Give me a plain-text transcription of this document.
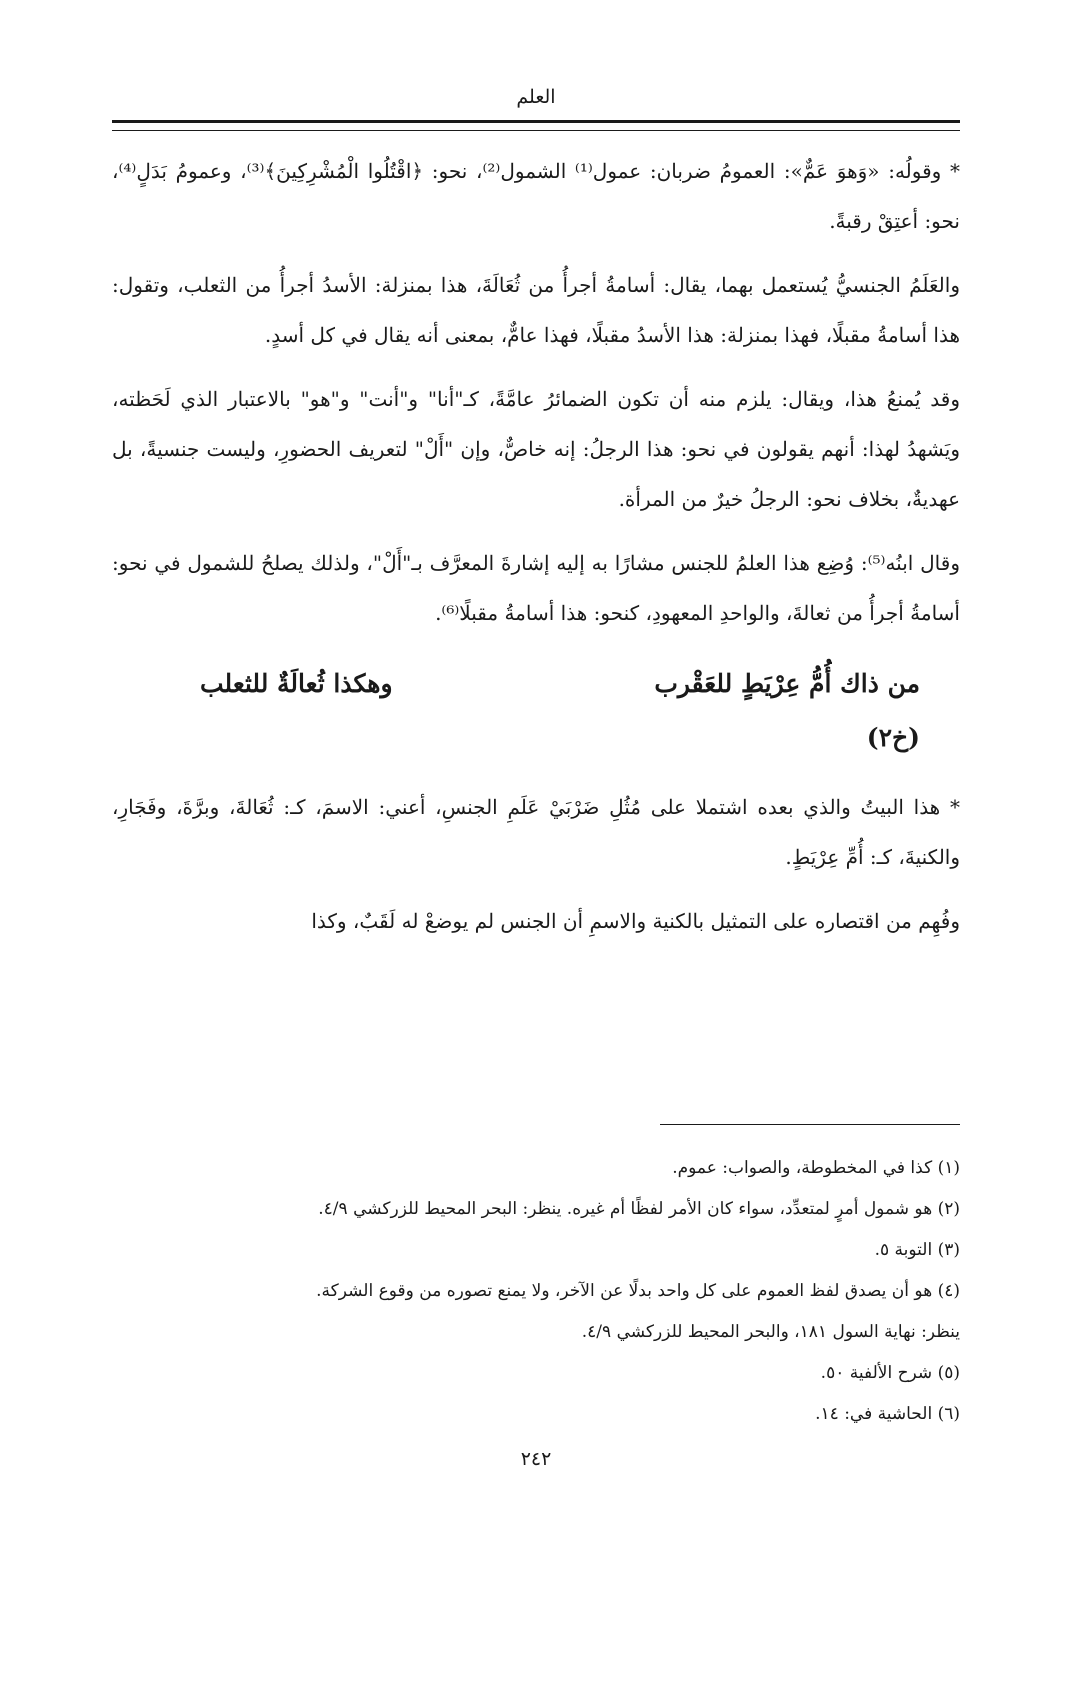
العلم

* وقولُه: «وَهوَ عَمٌّ»: العمومُ ضربان: عمول⁽¹⁾ الشمول⁽²⁾، نحو: ﴿اقْتُلُوا الْمُشْرِكِينَ﴾⁽³⁾، وعمومُ بَدَلٍ⁽⁴⁾، نحو: أعتِقْ رقبةً.

والعَلَمُ الجنسيُّ يُستعمل بهما، يقال: أسامةُ أجرأُ من ثُعَالَةَ، هذا بمنزلة: الأسدُ أجرأُ من الثعلب، وتقول: هذا أسامةُ مقبلًا، فهذا بمنزلة: هذا الأسدُ مقبلًا، فهذا عامٌّ، بمعنى أنه يقال في كل أسدٍ.

وقد يُمنعُ هذا، ويقال: يلزم منه أن تكون الضمائرُ عامَّةً، كـ"أنا" و"أنت" و"هو" بالاعتبار الذي لَحَظته، ويَشهدُ لهذا: أنهم يقولون في نحو: هذا الرجلُ: إنه خاصٌّ، وإن "أَلْ" لتعريف الحضورِ، وليست جنسيةً، بل عهديةٌ، بخلاف نحو: الرجلُ خيرٌ من المرأة.

وقال ابنُه⁽⁵⁾: وُضِع هذا العلمُ للجنس مشارًا به إليه إشارةَ المعرَّف بـ"أَلْ"، ولذلك يصلحُ للشمول في نحو: أسامةُ أجرأُ من ثعالةَ، والواحدِ المعهودِ، كنحو: هذا أسامةُ مقبلًا⁽⁶⁾.

من ذاك أُمُّ عِرْيَطٍ للعَقْرب
وهكذا ثُعالَةٌ للثعلب
(خ٢)

* هذا البيتُ والذي بعده اشتملا على مُثُلِ ضَرْبَيْ عَلَمِ الجنسِ، أعني: الاسمَ، كـ: ثُعَالةَ، وبرَّةَ، وفَجَارِ، والكنيةَ، كـ: أُمِّ عِرْيَطٍ.

وفُهِم من اقتصاره على التمثيل بالكنية والاسمِ أن الجنس لم يوضعْ له لَقَبٌ، وكذا

(١) كذا في المخطوطة، والصواب: عموم.
(٢) هو شمول أمرٍ لمتعدِّد، سواء كان الأمر لفظًا أم غيره. ينظر: البحر المحيط للزركشي ٤/٩.
(٣) التوبة ٥.
(٤) هو أن يصدق لفظ العموم على كل واحد بدلًا عن الآخر، ولا يمنع تصوره من وقوع الشركة.
ينظر: نهاية السول ١٨١، والبحر المحيط للزركشي ٤/٩.
(٥) شرح الألفية ٥٠.
(٦) الحاشية في: ١٤.
٢٤٢
